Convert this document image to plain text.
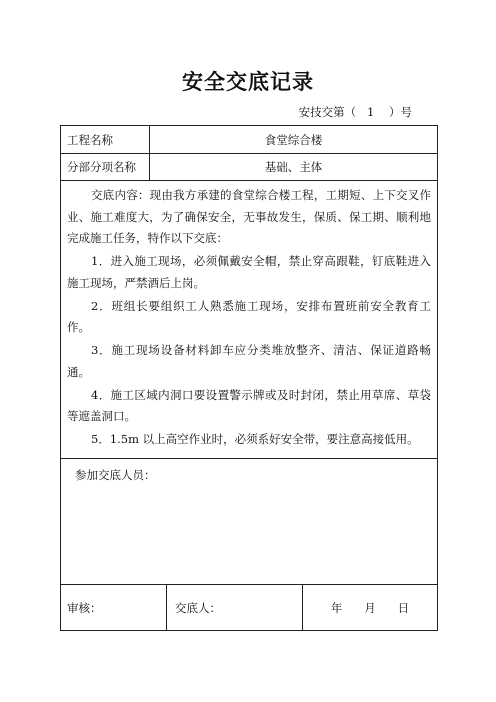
安全交底记录
安技交第（   1    ）号
工程名称	食堂综合楼
分部分项名称	基础、主体

交底内容：现由我方承建的食堂综合楼工程，工期短、上下交叉作业、施工难度大，为了确保安全，无事故发生，保质、保工期、顺利地完成施工任务，特作以下交底：

1．进入施工现场，必须佩戴安全帽，禁止穿高跟鞋，钉底鞋进入施工现场，严禁酒后上岗。

2．班组长要组织工人熟悉施工现场，安排布置班前安全教育工作。

3．施工现场设备材料卸车应分类堆放整齐、清洁、保证道路畅通。

4．施工区域内洞口要设置警示牌或及时封闭，禁止用草席、草袋等遮盖洞口。

5．1.5m 以上高空作业时，必须系好安全带，要注意高接低用。

参加交底人员：
审核：	交底人：	年      月      日
